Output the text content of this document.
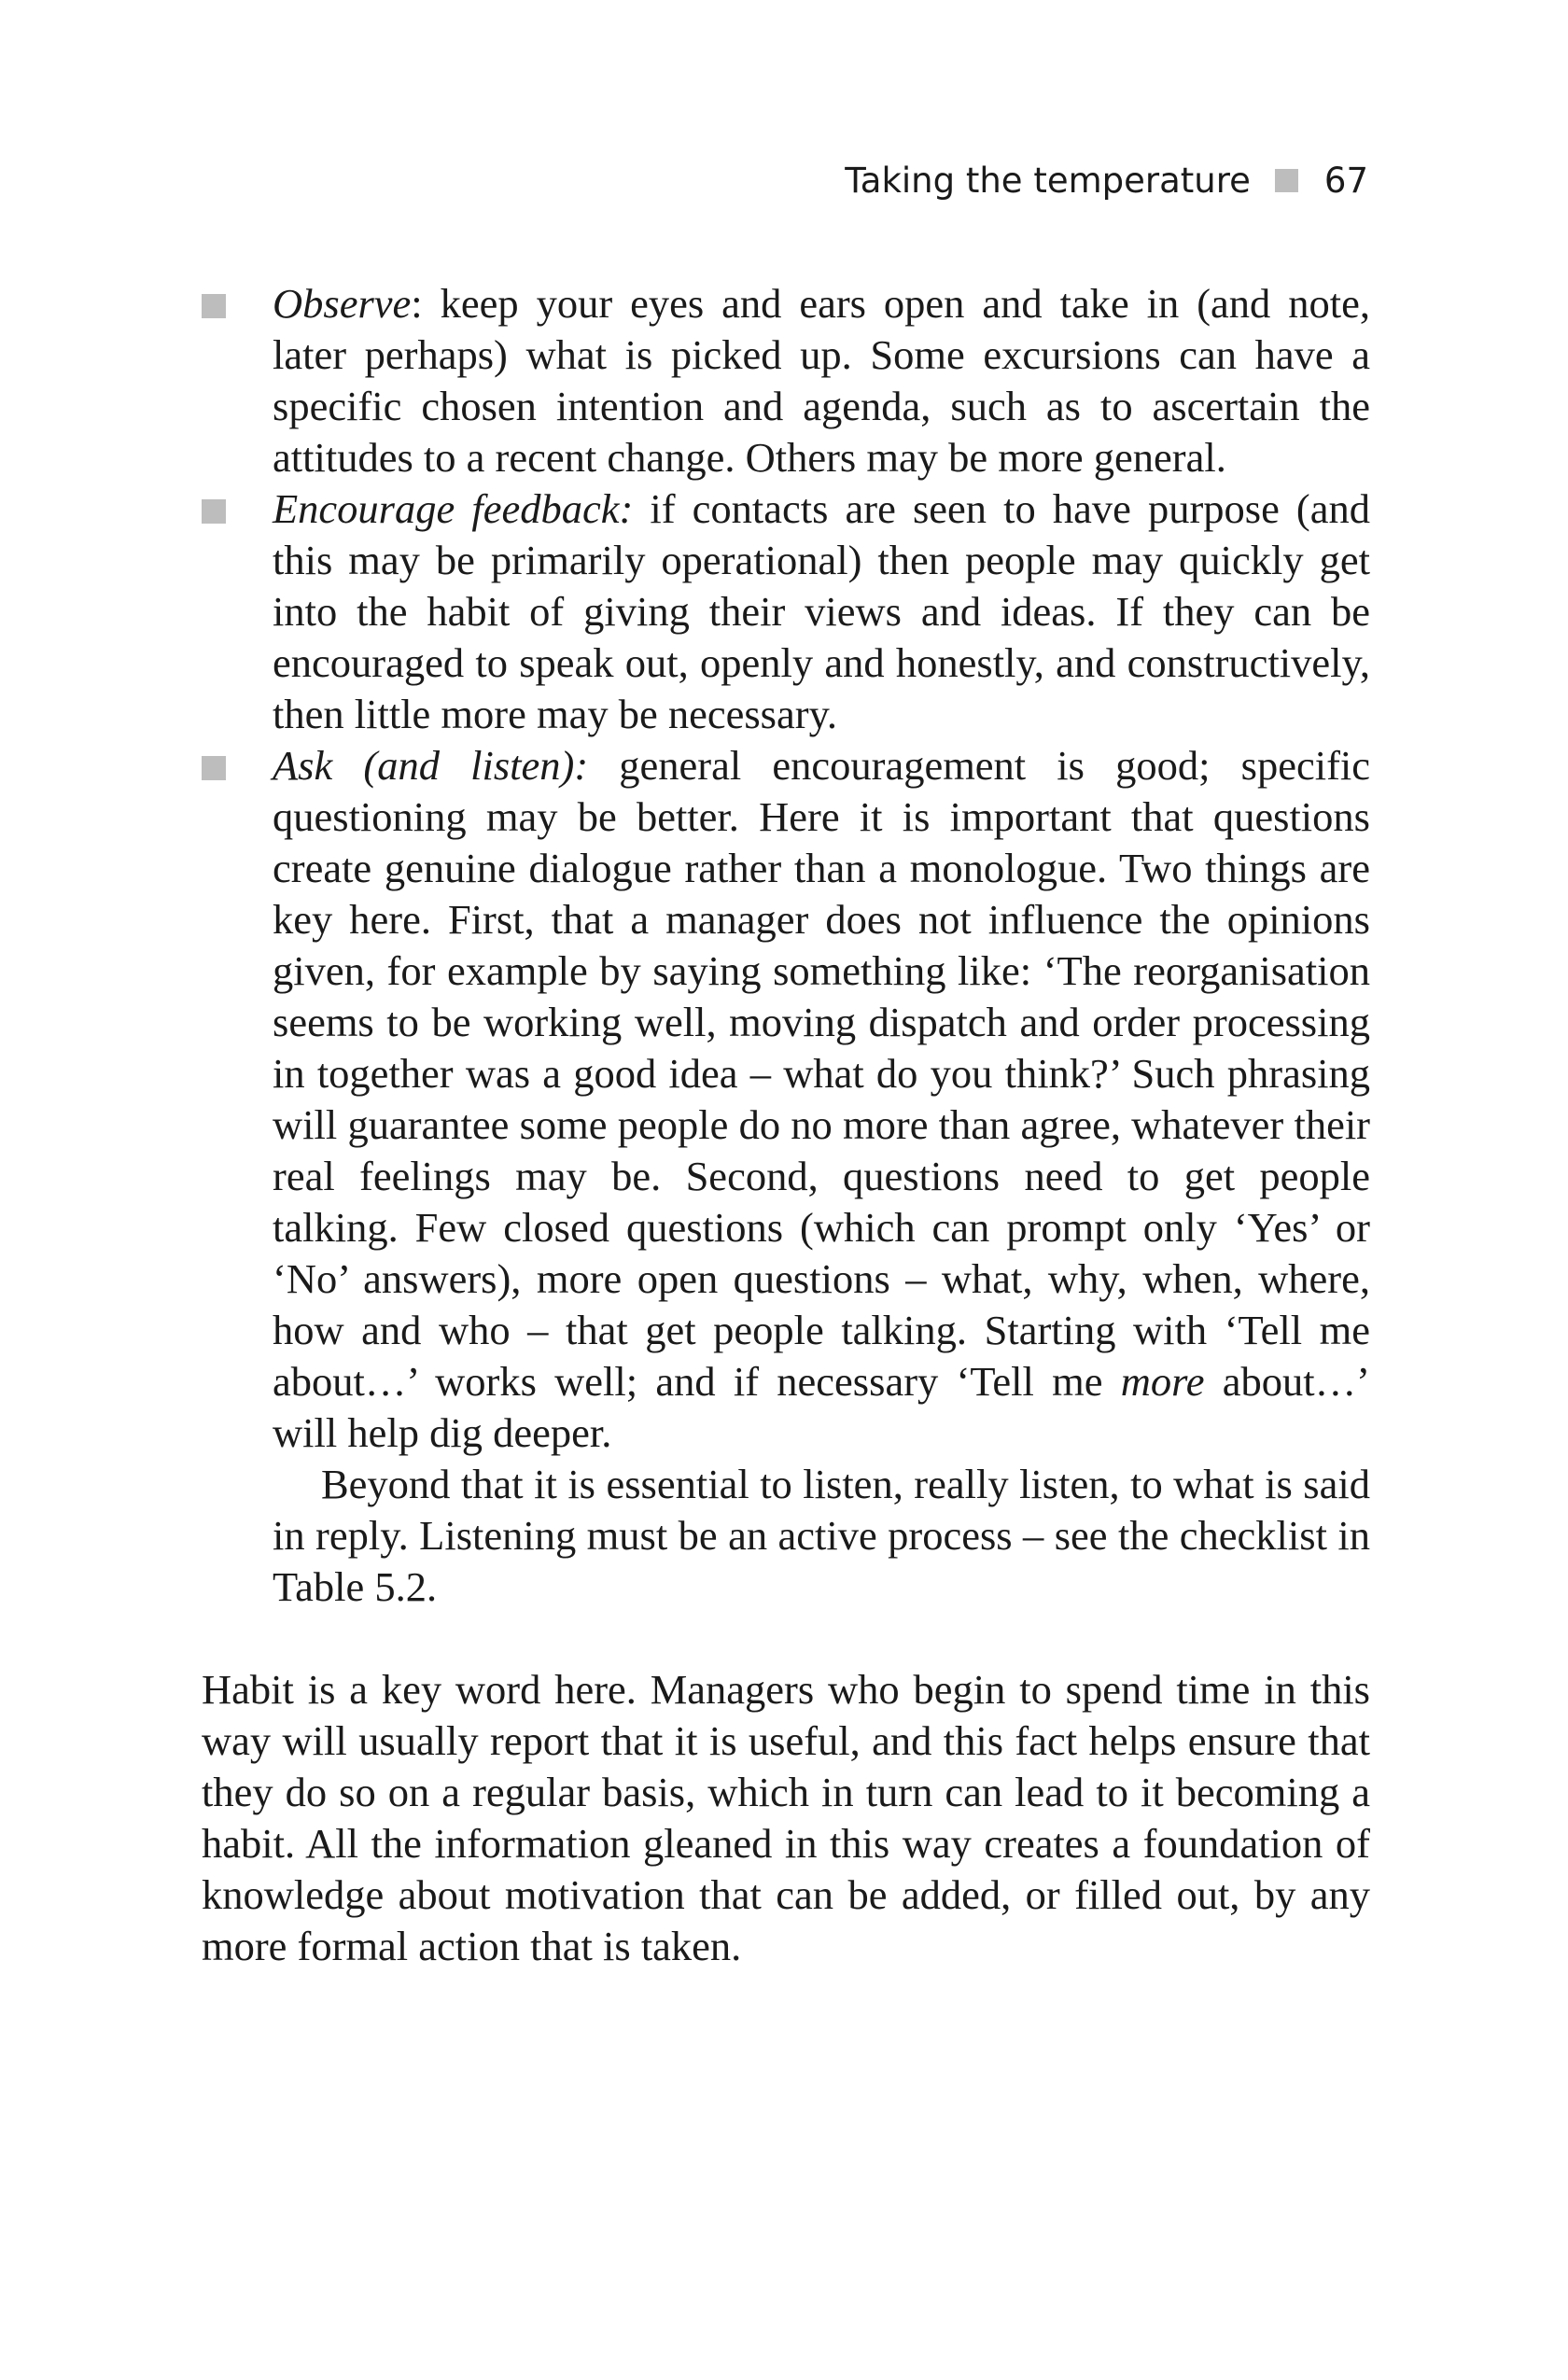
Taking the temperature 67

Observe: keep your eyes and ears open and take in (and note, later perhaps) what is picked up. Some excursions can have a specific chosen intention and agenda, such as to ascertain the attitudes to a recent change. Others may be more general.

Encourage feedback: if contacts are seen to have purpose (and this may be primarily operational) then people may quickly get into the habit of giving their views and ideas. If they can be encouraged to speak out, openly and honestly, and constructively, then little more may be necessary.

Ask (and listen): general encouragement is good; specific questioning may be better. Here it is important that questions create genuine dialogue rather than a monologue. Two things are key here. First, that a manager does not influence the opinions given, for example by saying something like: ‘The reorganisation seems to be working well, moving dispatch and order processing in together was a good idea – what do you think?’ Such phrasing will guarantee some people do no more than agree, whatever their real feelings may be. Second, questions need to get people talking. Few closed questions (which can prompt only ‘Yes’ or ‘No’ answers), more open questions – what, why, when, where, how and who – that get people talking. Starting with ‘Tell me about…’ works well; and if necessary ‘Tell me more about…’ will help dig deeper.

Beyond that it is essential to listen, really listen, to what is said in reply. Listening must be an active process – see the checklist in Table 5.2.

Habit is a key word here. Managers who begin to spend time in this way will usually report that it is useful, and this fact helps ensure that they do so on a regular basis, which in turn can lead to it becoming a habit. All the information gleaned in this way creates a foundation of knowledge about motivation that can be added, or filled out, by any more formal action that is taken.
